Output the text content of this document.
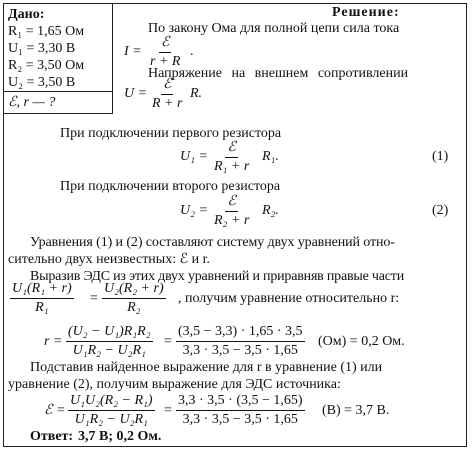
Дано:
R₁ = 1,65 Ом
U₁ = 3,30 В
R₂ = 3,50 Ом
U₂ = 3,50 В
ℰ, r — ?
Решение:
По закону Ома для полной цепи сила тока
I =
ℰ
r + R
.
Напряжение на внешнем сопротивлении
U =
ℰ
R + r
R.
При подключении первого резистора
U₁ =
ℰ
R₁ + r
R₁.	(1)
При подключении второго резистора
U₂ =
ℰ
R₂ + r
R₂.	(2)
Уравнения (1) и (2) составляют систему двух уравнений отно-
сительно двух неизвестных: ℰ и r.
Выразив ЭДС из этих двух уравнений и приравняв правые части
$\frac{\text{U₁(R₁ + r)}}{\text{R₁}} = \frac{\text{U₂(R₂ + r)}}{\text{R₂}}$ , получим уравнение относительно r:
$r = \frac{\text{(U₂ − U₁)R₁R₂}}{\text{U₁R₂ − U₂R₁}} = \frac{(3,5 - 3,3) \cdot 1,65 \cdot 3,5}{3,3 \cdot 3,5 - 3,5 \cdot 1,65} (Ом) = 0,2$ Ом.
Подставив найденное выражение для r в уравнение (1) или
уравнение (2), получим выражение для ЭДС источника:
ℰ = $\frac{\text{U₁U₂(R₂ − R₁)}}{\text{U₁R₂ − U₂R₁}} = \frac{3,3 \cdot 3,5 \cdot (3,5 - 1,65)}{3,3 \cdot 3,5 - 3,5 \cdot 1,65} (В) = 3,7$ В.
Ответ: 3,7 В; 0,2 Ом.
